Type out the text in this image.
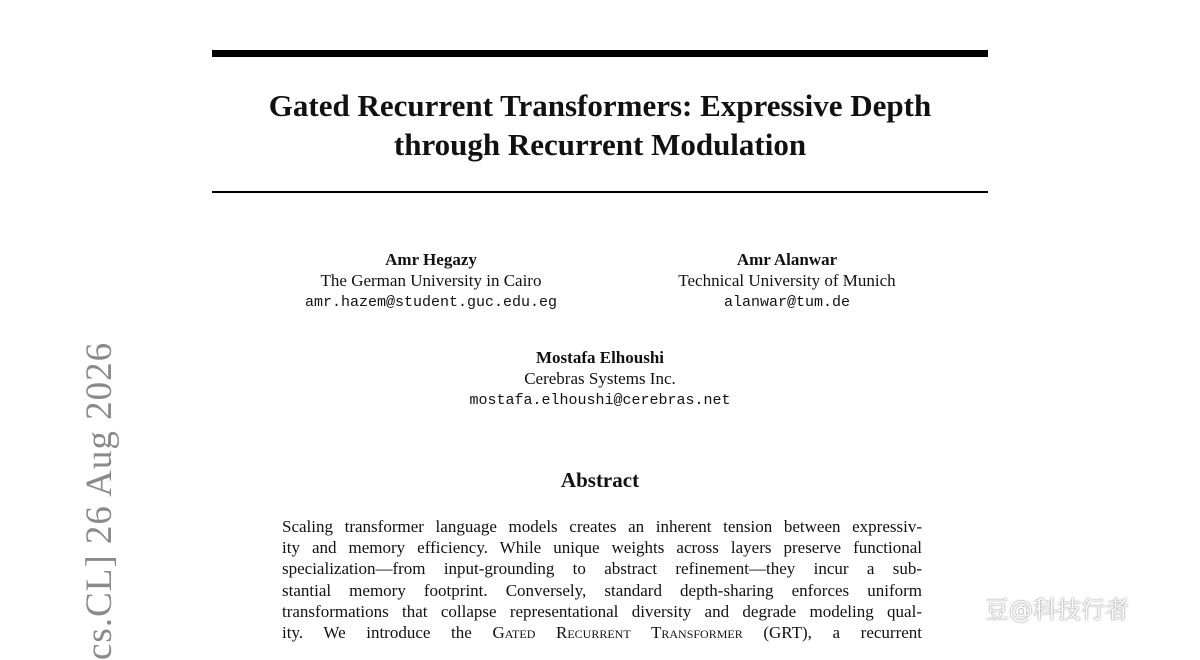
Gated Recurrent Transformers: Expressive Depth
through Recurrent Modulation
Amr Hegazy
The German University in Cairo
amr.hazem@student.guc.edu.eg
Amr Alanwar
Technical University of Munich
alanwar@tum.de
Mostafa Elhoushi
Cerebras Systems Inc.
mostafa.elhoushi@cerebras.net
Abstract
Scaling transformer language models creates an inherent tension between expressiv-
ity and memory efficiency. While unique weights across layers preserve functional
specialization—from input-grounding to abstract refinement—they incur a sub-
stantial memory footprint. Conversely, standard depth-sharing enforces uniform
transformations that collapse representational diversity and degrade modeling qual-
ity. We introduce the Gated Recurrent Transformer (GRT), a recurrent
cs.CL] 26 Aug 2026	豆@科技行者
